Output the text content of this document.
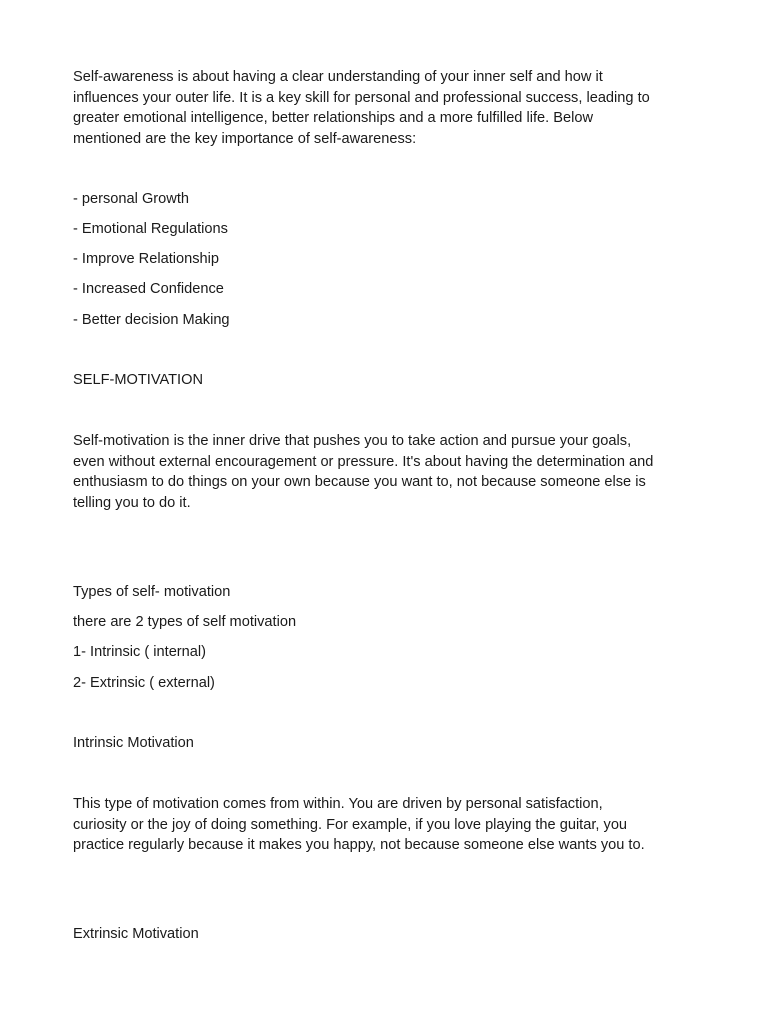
Self-awareness is about having a clear understanding of your inner self and how it
influences your outer life. It is a key skill for personal and professional success, leading to
greater emotional intelligence, better relationships and a more fulfilled life. Below
mentioned are the key importance of self-awareness:
- personal Growth
- Emotional Regulations
- Improve Relationship
- Increased Confidence
- Better decision Making
SELF-MOTIVATION
Self-motivation is the inner drive that pushes you to take action and pursue your goals,
even without external encouragement or pressure. It's about having the determination and
enthusiasm to do things on your own because you want to, not because someone else is
telling you to do it.
Types of self- motivation
there are 2 types of self motivation
1- Intrinsic ( internal)
2- Extrinsic ( external)
Intrinsic Motivation
This type of motivation comes from within. You are driven by personal satisfaction,
curiosity or the joy of doing something. For example, if you love playing the guitar, you
practice regularly because it makes you happy, not because someone else wants you to.
Extrinsic Motivation
